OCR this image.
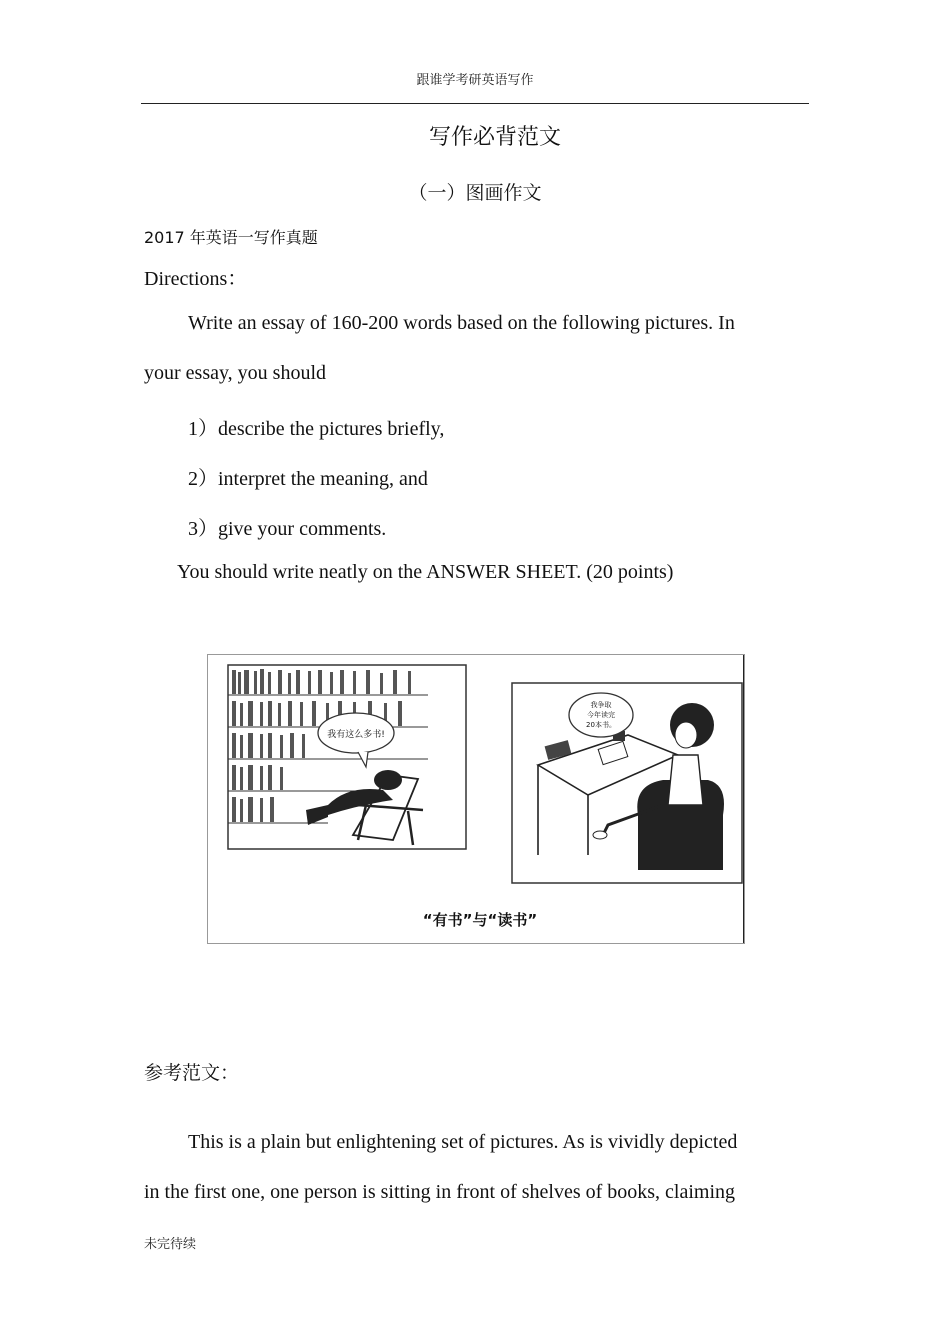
跟谁学考研英语写作
写作必背范文
（一）图画作文
2017 年英语一写作真题
Directions：
Write an essay of 160-200 words based on the following pictures. In
your essay, you should
1）describe the pictures briefly,
2）interpret the meaning, and
3）give your comments.
You should write neatly on the ANSWER SHEET. (20 points)
我有这么多书!
我争取
今年读完
20本书。
“有书”与“读书”
参考范文：
This is a plain but enlightening set of pictures. As is vividly depicted
in the first one, one person is sitting in front of shelves of books, claiming
未完待续
